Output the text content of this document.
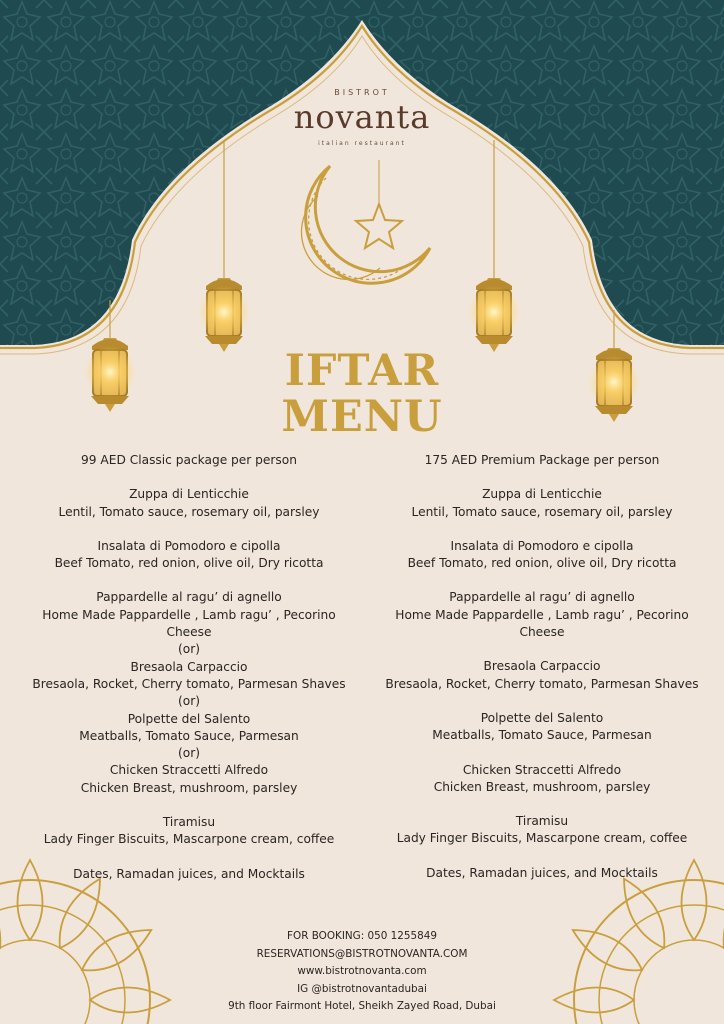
BISTROT
novanta
italian restaurant
IFTAR
MENU

99 AED Classic package per person

Zuppa di Lenticchie

Lentil, Tomato sauce, rosemary oil, parsley

Insalata di Pomodoro e cipolla

Beef Tomato, red onion, olive oil, Dry ricotta

Pappardelle al ragu’ di agnello

Home Made Pappardelle , Lamb ragu’ , Pecorino

Cheese

(or)

Bresaola Carpaccio

Bresaola, Rocket, Cherry tomato, Parmesan Shaves

(or)

Polpette del Salento

Meatballs, Tomato Sauce, Parmesan

(or)

Chicken Straccetti Alfredo

Chicken Breast, mushroom, parsley

Tiramisu

Lady Finger Biscuits, Mascarpone cream, coffee

Dates, Ramadan juices, and Mocktails

175 AED Premium Package per person

Zuppa di Lenticchie

Lentil, Tomato sauce, rosemary oil, parsley

Insalata di Pomodoro e cipolla

Beef Tomato, red onion, olive oil, Dry ricotta

Pappardelle al ragu’ di agnello

Home Made Pappardelle , Lamb ragu’ , Pecorino

Cheese

Bresaola Carpaccio

Bresaola, Rocket, Cherry tomato, Parmesan Shaves

Polpette del Salento

Meatballs, Tomato Sauce, Parmesan

Chicken Straccetti Alfredo

Chicken Breast, mushroom, parsley

Tiramisu

Lady Finger Biscuits, Mascarpone cream, coffee

Dates, Ramadan juices, and Mocktails

FOR BOOKING: 050 1255849

RESERVATIONS@BISTROTNOVANTA.COM

www.bistrotnovanta.com

IG @bistrotnovantadubai

9th floor Fairmont Hotel, Sheikh Zayed Road, Dubai
